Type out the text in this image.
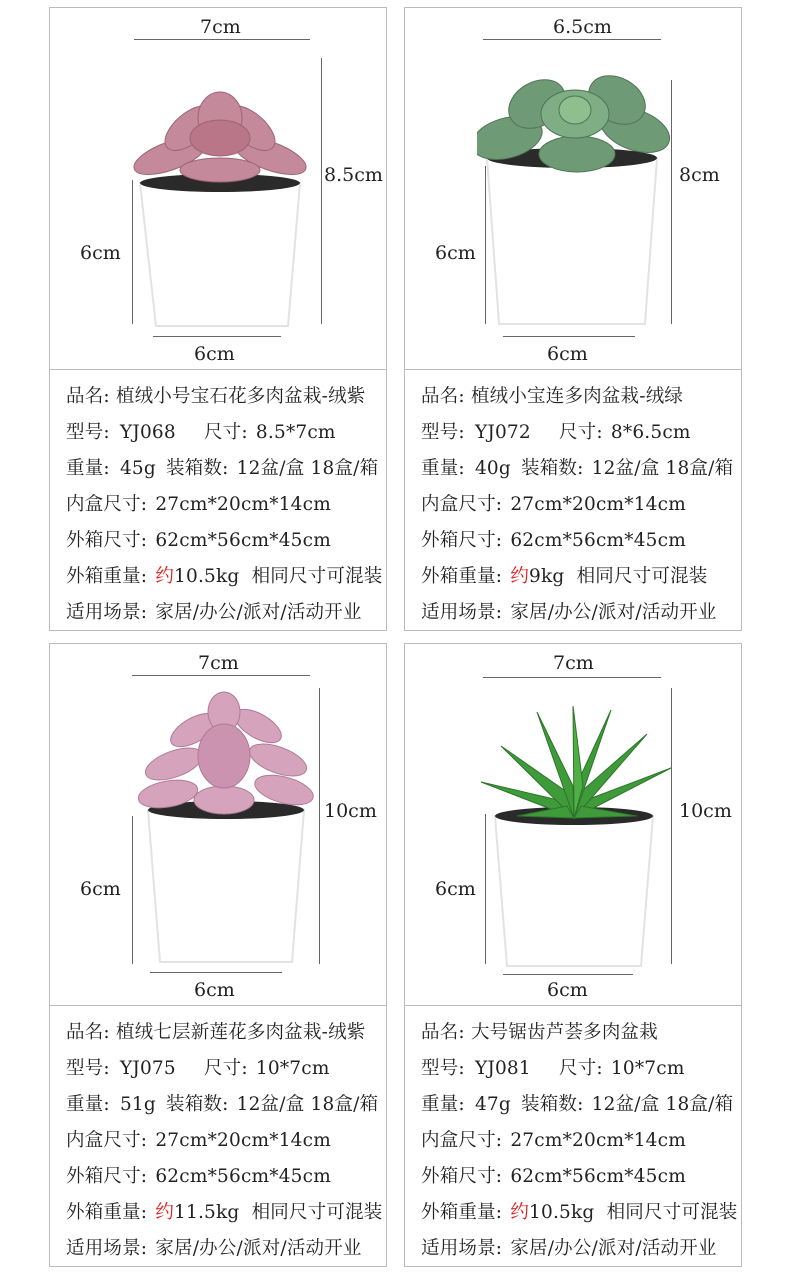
7cm
8.5cm
6cm
6cm
品名: 植绒小号宝石花多肉盆栽-绒紫
型号: YJ068 尺寸: 8.5*7cm
重量: 45g 装箱数: 12盆/盒 18盒/箱
内盒尺寸: 27cm*20cm*14cm
外箱尺寸: 62cm*56cm*45cm
外箱重量: 约10.5kg 相同尺寸可混装
适用场景: 家居/办公/派对/活动开业
6.5cm
8cm
6cm
6cm
品名: 植绒小宝连多肉盆栽-绒绿
型号: YJ072 尺寸: 8*6.5cm
重量: 40g 装箱数: 12盆/盒 18盒/箱
内盒尺寸: 27cm*20cm*14cm
外箱尺寸: 62cm*56cm*45cm
外箱重量: 约9kg 相同尺寸可混装
适用场景: 家居/办公/派对/活动开业
7cm
10cm
6cm
6cm
品名: 植绒七层新莲花多肉盆栽-绒紫
型号: YJ075 尺寸: 10*7cm
重量: 51g 装箱数: 12盆/盒 18盒/箱
内盒尺寸: 27cm*20cm*14cm
外箱尺寸: 62cm*56cm*45cm
外箱重量: 约11.5kg 相同尺寸可混装
适用场景: 家居/办公/派对/活动开业
7cm
10cm
6cm
6cm
品名: 大号锯齿芦荟多肉盆栽
型号: YJ081 尺寸: 10*7cm
重量: 47g 装箱数: 12盆/盒 18盒/箱
内盒尺寸: 27cm*20cm*14cm
外箱尺寸: 62cm*56cm*45cm
外箱重量: 约10.5kg 相同尺寸可混装
适用场景: 家居/办公/派对/活动开业
